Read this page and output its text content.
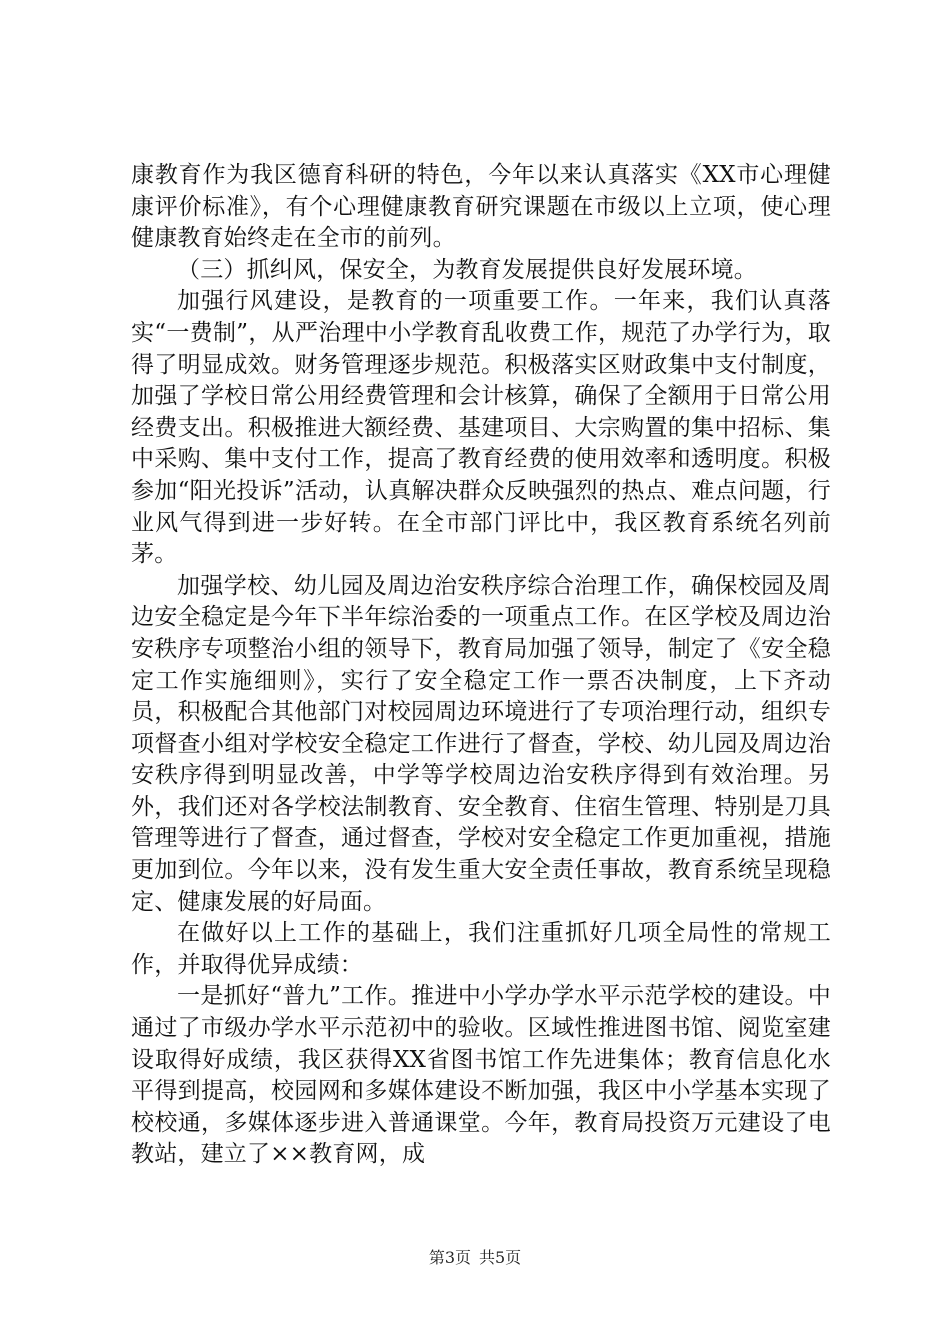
康教育作为我区德育科研的特色，今年以来认真落实《XX市心理健康评价标准》，有个心理健康教育研究课题在市级以上立项，使心理健康教育始终走在全市的前列。

（三）抓纠风，保安全，为教育发展提供良好发展环境。

加强行风建设，是教育的一项重要工作。一年来，我们认真落实“一费制”，从严治理中小学教育乱收费工作，规范了办学行为，取得了明显成效。财务管理逐步规范。积极落实区财政集中支付制度，加强了学校日常公用经费管理和会计核算，确保了全额用于日常公用经费支出。积极推进大额经费、基建项目、大宗购置的集中招标、集中采购、集中支付工作，提高了教育经费的使用效率和透明度。积极参加“阳光投诉”活动，认真解决群众反映强烈的热点、难点问题，行业风气得到进一步好转。在全市部门评比中，我区教育系统名列前茅。

加强学校、幼儿园及周边治安秩序综合治理工作，确保校园及周边安全稳定是今年下半年综治委的一项重点工作。在区学校及周边治安秩序专项整治小组的领导下，教育局加强了领导，制定了《安全稳定工作实施细则》，实行了安全稳定工作一票否决制度，上下齐动员，积极配合其他部门对校园周边环境进行了专项治理行动，组织专项督查小组对学校安全稳定工作进行了督查，学校、幼儿园及周边治安秩序得到明显改善，中学等学校周边治安秩序得到有效治理。另外，我们还对各学校法制教育、安全教育、住宿生管理、特别是刀具管理等进行了督查，通过督查，学校对安全稳定工作更加重视，措施更加到位。今年以来，没有发生重大安全责任事故，教育系统呈现稳定、健康发展的好局面。

在做好以上工作的基础上，我们注重抓好几项全局性的常规工作，并取得优异成绩：

一是抓好“普九”工作。推进中小学办学水平示范学校的建设。中通过了市级办学水平示范初中的验收。区域性推进图书馆、阅览室建设取得好成绩，我区获得XX省图书馆工作先进集体；教育信息化水平得到提高，校园网和多媒体建设不断加强，我区中小学基本实现了校校通，多媒体逐步进入普通课堂。今年，教育局投资万元建设了电教站，建立了××教育网，成

第3页 共5页
